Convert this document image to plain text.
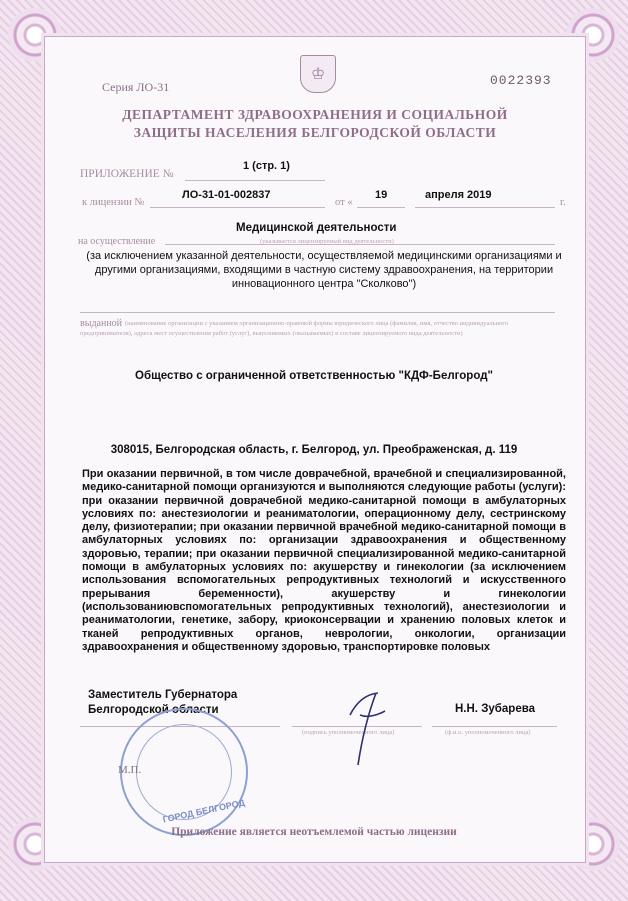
Серия ЛО-31
♔	0022393
ДЕПАРТАМЕНТ ЗДРАВООХРАНЕНИЯ И СОЦИАЛЬНОЙ
ЗАЩИТЫ НАСЕЛЕНИЯ БЕЛГОРОДСКОЙ ОБЛАСТИ
ПРИЛОЖЕНИЕ №
1 (стр. 1)
к лицензии №
ЛО-31-01-002837
от «
19	апреля 2019
г.
Медицинской деятельности
на осуществление	(указывается лицензируемый вид деятельности)
(за исключением указанной деятельности, осуществляемой медицинскими организациями и другими организациями, входящими в частную систему здравоохранения, на территории инновационного центра "Сколково")
выданной (наименование организации с указанием организационно-правовой формы юридического лица (фамилия, имя, отчество индивидуального предпринимателя), адреса мест осуществления работ (услуг), выполняемых (оказываемых) в составе лицензируемого вида деятельности)
Общество с ограниченной ответственностью "КДФ-Белгород"
308015, Белгородская область, г. Белгород, ул. Преображенская, д. 119
При оказании первичной, в том числе доврачебной, врачебной и специализированной, медико-санитарной помощи организуются и выполняются следующие работы (услуги): при оказании первичной доврачебной медико-санитарной помощи в амбулаторных условиях по: анестезиологии и реаниматологии, операционному делу, сестринскому делу, физиотерапии; при оказании первичной врачебной медико-санитарной помощи в амбулаторных условиях по: организации здравоохранения и общественному здоровью, терапии; при оказании первичной специализированной медико-санитарной помощи в амбулаторных условиях по: акушерству и гинекологии (за исключением использования вспомогательных репродуктивных технологий и искусственного прерывания беременности), акушерству и гинекологии (использованиювспомогательных репродуктивных технологий), анестезиологии и реаниматологии, генетике, забору, криоконсервации и хранению половых клеток и тканей репродуктивных органов, неврологии, онкологии, организации здравоохранения и общественному здоровью, транспортировке половых
Заместитель Губернатора
Белгородской области
(подпись уполномоченного лица)
Н.Н. Зубарева
(ф.и.о. уполномоченного лица)
ГОРОД БЕЛГОРОД
М.П.
Приложение является неотъемлемой частью лицензии
